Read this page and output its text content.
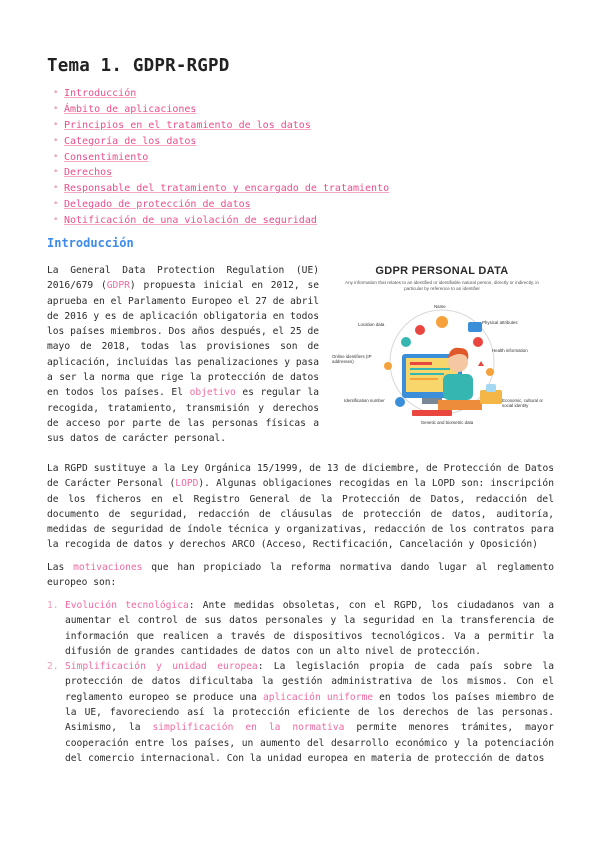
Tema 1. GDPR-RGPD
• Introducción
• Ámbito de aplicaciones
• Principios en el tratamiento de los datos
• Categoría de los datos
• Consentimiento
• Derechos
• Responsable del tratamiento y encargado de tratamiento
• Delegado de protección de datos
• Notificación de una violación de seguridad
Introducción

La General Data Protection Regulation (UE) 2016/679 (GDPR) propuesta inicial en 2012, se aprueba en el Parlamento Europeo el 27 de abril de 2016 y es de aplicación obligatoria en todos los países miembros. Dos años después, el 25 de mayo de 2018, todas las provisiones son de aplicación, incluidas las penalizaciones y pasa a ser la norma que rige la protección de datos en todos los países. El objetivo es regular la recogida, tratamiento, transmisión y derechos de acceso por parte de las personas físicas a sus datos de carácter personal.

GDPR PERSONAL DATA
Any information that relates to an identified or identifiable natural person, directly or indirectly, in particular by reference to an identifier
Name
Physical attributes
Location data
Health information
Online identifiers (IP addresses)
Economic, cultural or social identity
Identification number
Genetic and biometric data

La RGPD sustituye a la Ley Orgánica 15/1999, de 13 de diciembre, de Protección de Datos de Carácter Personal (LOPD). Algunas obligaciones recogidas en la LOPD son: inscripción de los ficheros en el Registro General de la Protección de Datos, redacción del documento de seguridad, redacción de cláusulas de protección de datos, auditoría, medidas de seguridad de índole técnica y organizativas, redacción de los contratos para la recogida de datos y derechos ARCO (Acceso, Rectificación, Cancelación y Oposición)

Las motivaciones que han propiciado la reforma normativa dando lugar al reglamento europeo son:

1. Evolución tecnológica: Ante medidas obsoletas, con el RGPD, los ciudadanos van a aumentar el control de sus datos personales y la seguridad en la transferencia de información que realicen a través de dispositivos tecnológicos. Va a permitir la difusión de grandes cantidades de datos con un alto nivel de protección.
2. Simplificación y unidad europea: La legislación propia de cada país sobre la protección de datos dificultaba la gestión administrativa de los mismos. Con el reglamento europeo se produce una aplicación uniforme en todos los países miembro de la UE, favoreciendo así la protección eficiente de los derechos de las personas. Asimismo, la simplificación en la normativa permite menores trámites, mayor cooperación entre los países, un aumento del desarrollo económico y la potenciación del comercio internacional. Con la unidad europea en materia de protección de datos
